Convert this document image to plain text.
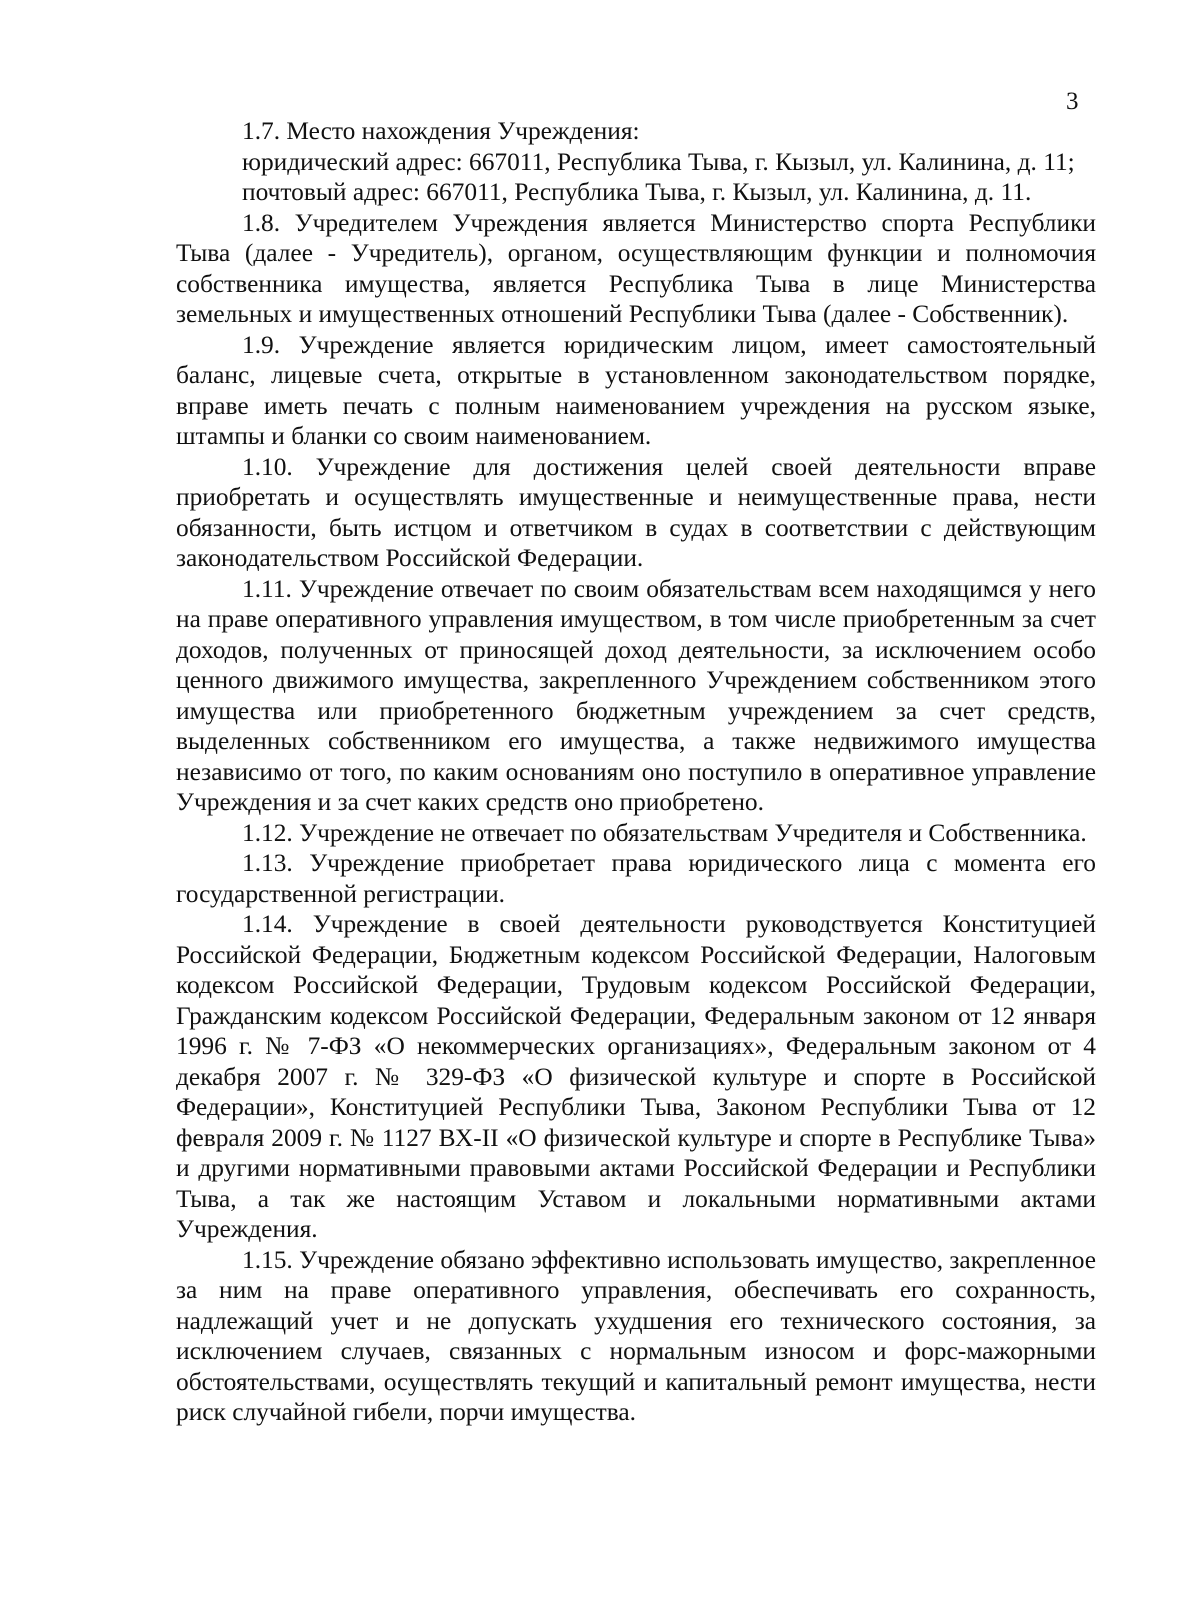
3

1.7. Место нахождения Учреждения:

юридический адрес: 667011, Республика Тыва, г. Кызыл, ул. Калинина, д. 11;

почтовый адрес: 667011, Республика Тыва, г. Кызыл, ул. Калинина, д. 11.

1.8. Учредителем Учреждения является Министерство спорта Республики Тыва (далее - Учредитель), органом, осуществляющим функции и полномочия собственника имущества, является Республика Тыва в лице Министерства земельных и имущественных отношений Республики Тыва (далее - Собственник).

1.9. Учреждение является юридическим лицом, имеет самостоятельный баланс, лицевые счета, открытые в установленном законодательством порядке, вправе иметь печать с полным наименованием учреждения на русском языке, штампы и бланки со своим наименованием.

1.10. Учреждение для достижения целей своей деятельности вправе приобретать и осуществлять имущественные и неимущественные права, нести обязанности, быть истцом и ответчиком в судах в соответствии с действующим законодательством Российской Федерации.

1.11. Учреждение отвечает по своим обязательствам всем находящимся у него на праве оперативного управления имуществом, в том числе приобретенным за счет доходов, полученных от приносящей доход деятельности, за исключением особо ценного движимого имущества, закрепленного Учреждением собственником этого имущества или приобретенного бюджетным учреждением за счет средств, выделенных собственником его имущества, а также недвижимого имущества независимо от того, по каким основаниям оно поступило в оперативное управление Учреждения и за счет каких средств оно приобретено.

1.12. Учреждение не отвечает по обязательствам Учредителя и Собственника.

1.13. Учреждение приобретает права юридического лица с момента его государственной регистрации.

1.14. Учреждение в своей деятельности руководствуется Конституцией Российской Федерации, Бюджетным кодексом Российской Федерации, Налоговым кодексом Российской Федерации, Трудовым кодексом Российской Федерации, Гражданским кодексом Российской Федерации, Федеральным законом от 12 января 1996 г. № 7-ФЗ «О некоммерческих организациях», Федеральным законом от 4 декабря 2007 г. № 329-ФЗ «О физической культуре и спорте в Российской Федерации», Конституцией Республики Тыва, Законом Республики Тыва от 12 февраля 2009 г. № 1127 ВХ-II «О физической культуре и спорте в Республике Тыва» и другими нормативными правовыми актами Российской Федерации и Республики Тыва, а так же настоящим Уставом и локальными нормативными актами Учреждения.

1.15. Учреждение обязано эффективно использовать имущество, закрепленное за ним на праве оперативного управления, обеспечивать его сохранность, надлежащий учет и не допускать ухудшения его технического состояния, за исключением случаев, связанных с нормальным износом и форс-мажорными обстоятельствами, осуществлять текущий и капитальный ремонт имущества, нести риск случайной гибели, порчи имущества.
